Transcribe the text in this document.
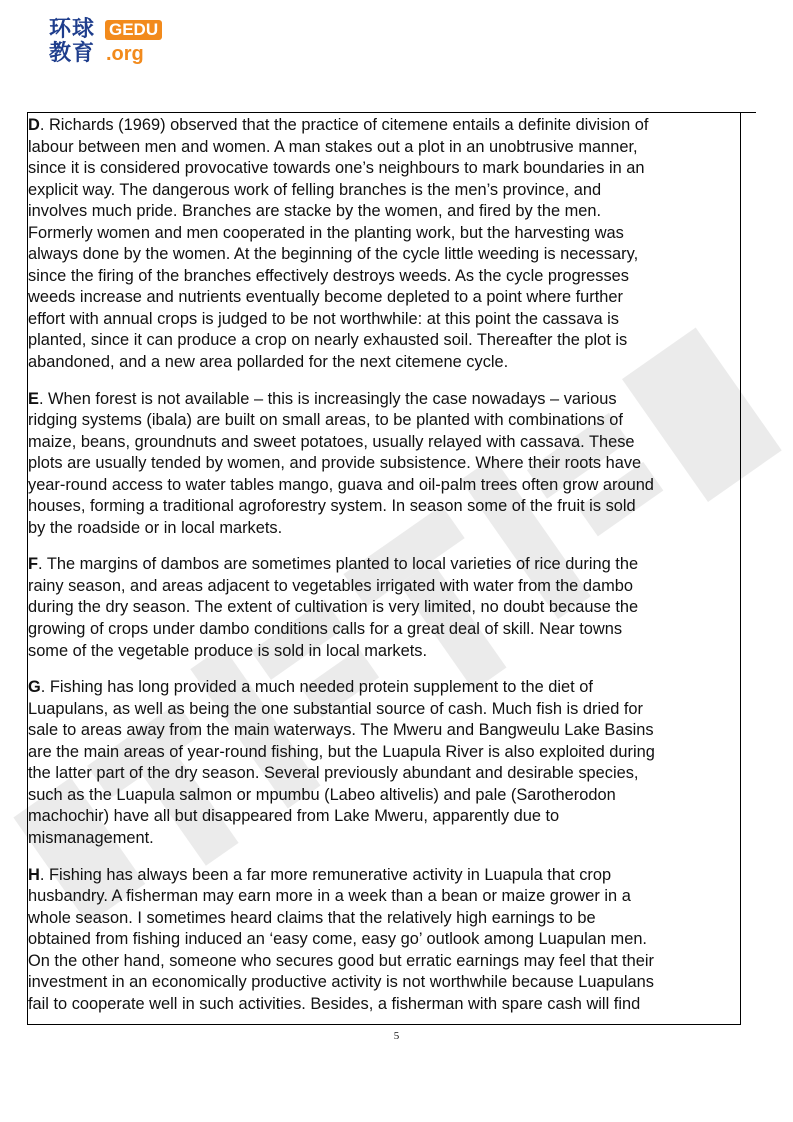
环球
教育
GEDU
.org
D. Richards (1969) observed that the practice of citemene entails a definite division of
labour between men and women. A man stakes out a plot in an unobtrusive manner,
since it is considered provocative towards one’s neighbours to mark boundaries in an
explicit way. The dangerous work of felling branches is the men’s province, and
involves much pride. Branches are stacke by the women, and fired by the men.
Formerly women and men cooperated in the planting work, but the harvesting was
always done by the women. At the beginning of the cycle little weeding is necessary,
since the firing of the branches effectively destroys weeds. As the cycle progresses
weeds increase and nutrients eventually become depleted to a point where further
effort with annual crops is judged to be not worthwhile: at this point the cassava is
planted, since it can produce a crop on nearly exhausted soil. Thereafter the plot is
abandoned, and a new area pollarded for the next citemene cycle.
E. When forest is not available – this is increasingly the case nowadays – various
ridging systems (ibala) are built on small areas, to be planted with combinations of
maize, beans, groundnuts and sweet potatoes, usually relayed with cassava. These
plots are usually tended by women, and provide subsistence. Where their roots have
year-round access to water tables mango, guava and oil-palm trees often grow around
houses, forming a traditional agroforestry system. In season some of the fruit is sold
by the roadside or in local markets.
F. The margins of dambos are sometimes planted to local varieties of rice during the
rainy season, and areas adjacent to vegetables irrigated with water from the dambo
during the dry season. The extent of cultivation is very limited, no doubt because the
growing of crops under dambo conditions calls for a great deal of skill. Near towns
some of the vegetable produce is sold in local markets.
G. Fishing has long provided a much needed protein supplement to the diet of
Luapulans, as well as being the one substantial source of cash. Much fish is dried for
sale to areas away from the main waterways. The Mweru and Bangweulu Lake Basins
are the main areas of year-round fishing, but the Luapula River is also exploited during
the latter part of the dry season. Several previously abundant and desirable species,
such as the Luapula salmon or mpumbu (Labeo altivelis) and pale (Sarotherodon
machochir) have all but disappeared from Lake Mweru, apparently due to
mismanagement.
H. Fishing has always been a far more remunerative activity in Luapula that crop
husbandry. A fisherman may earn more in a week than a bean or maize grower in a
whole season. I sometimes heard claims that the relatively high earnings to be
obtained from fishing induced an ‘easy come, easy go’ outlook among Luapulan men.
On the other hand, someone who secures good but erratic earnings may feel that their
investment in an economically productive activity is not worthwhile because Luapulans
fail to cooperate well in such activities. Besides, a fisherman with spare cash will find
5
